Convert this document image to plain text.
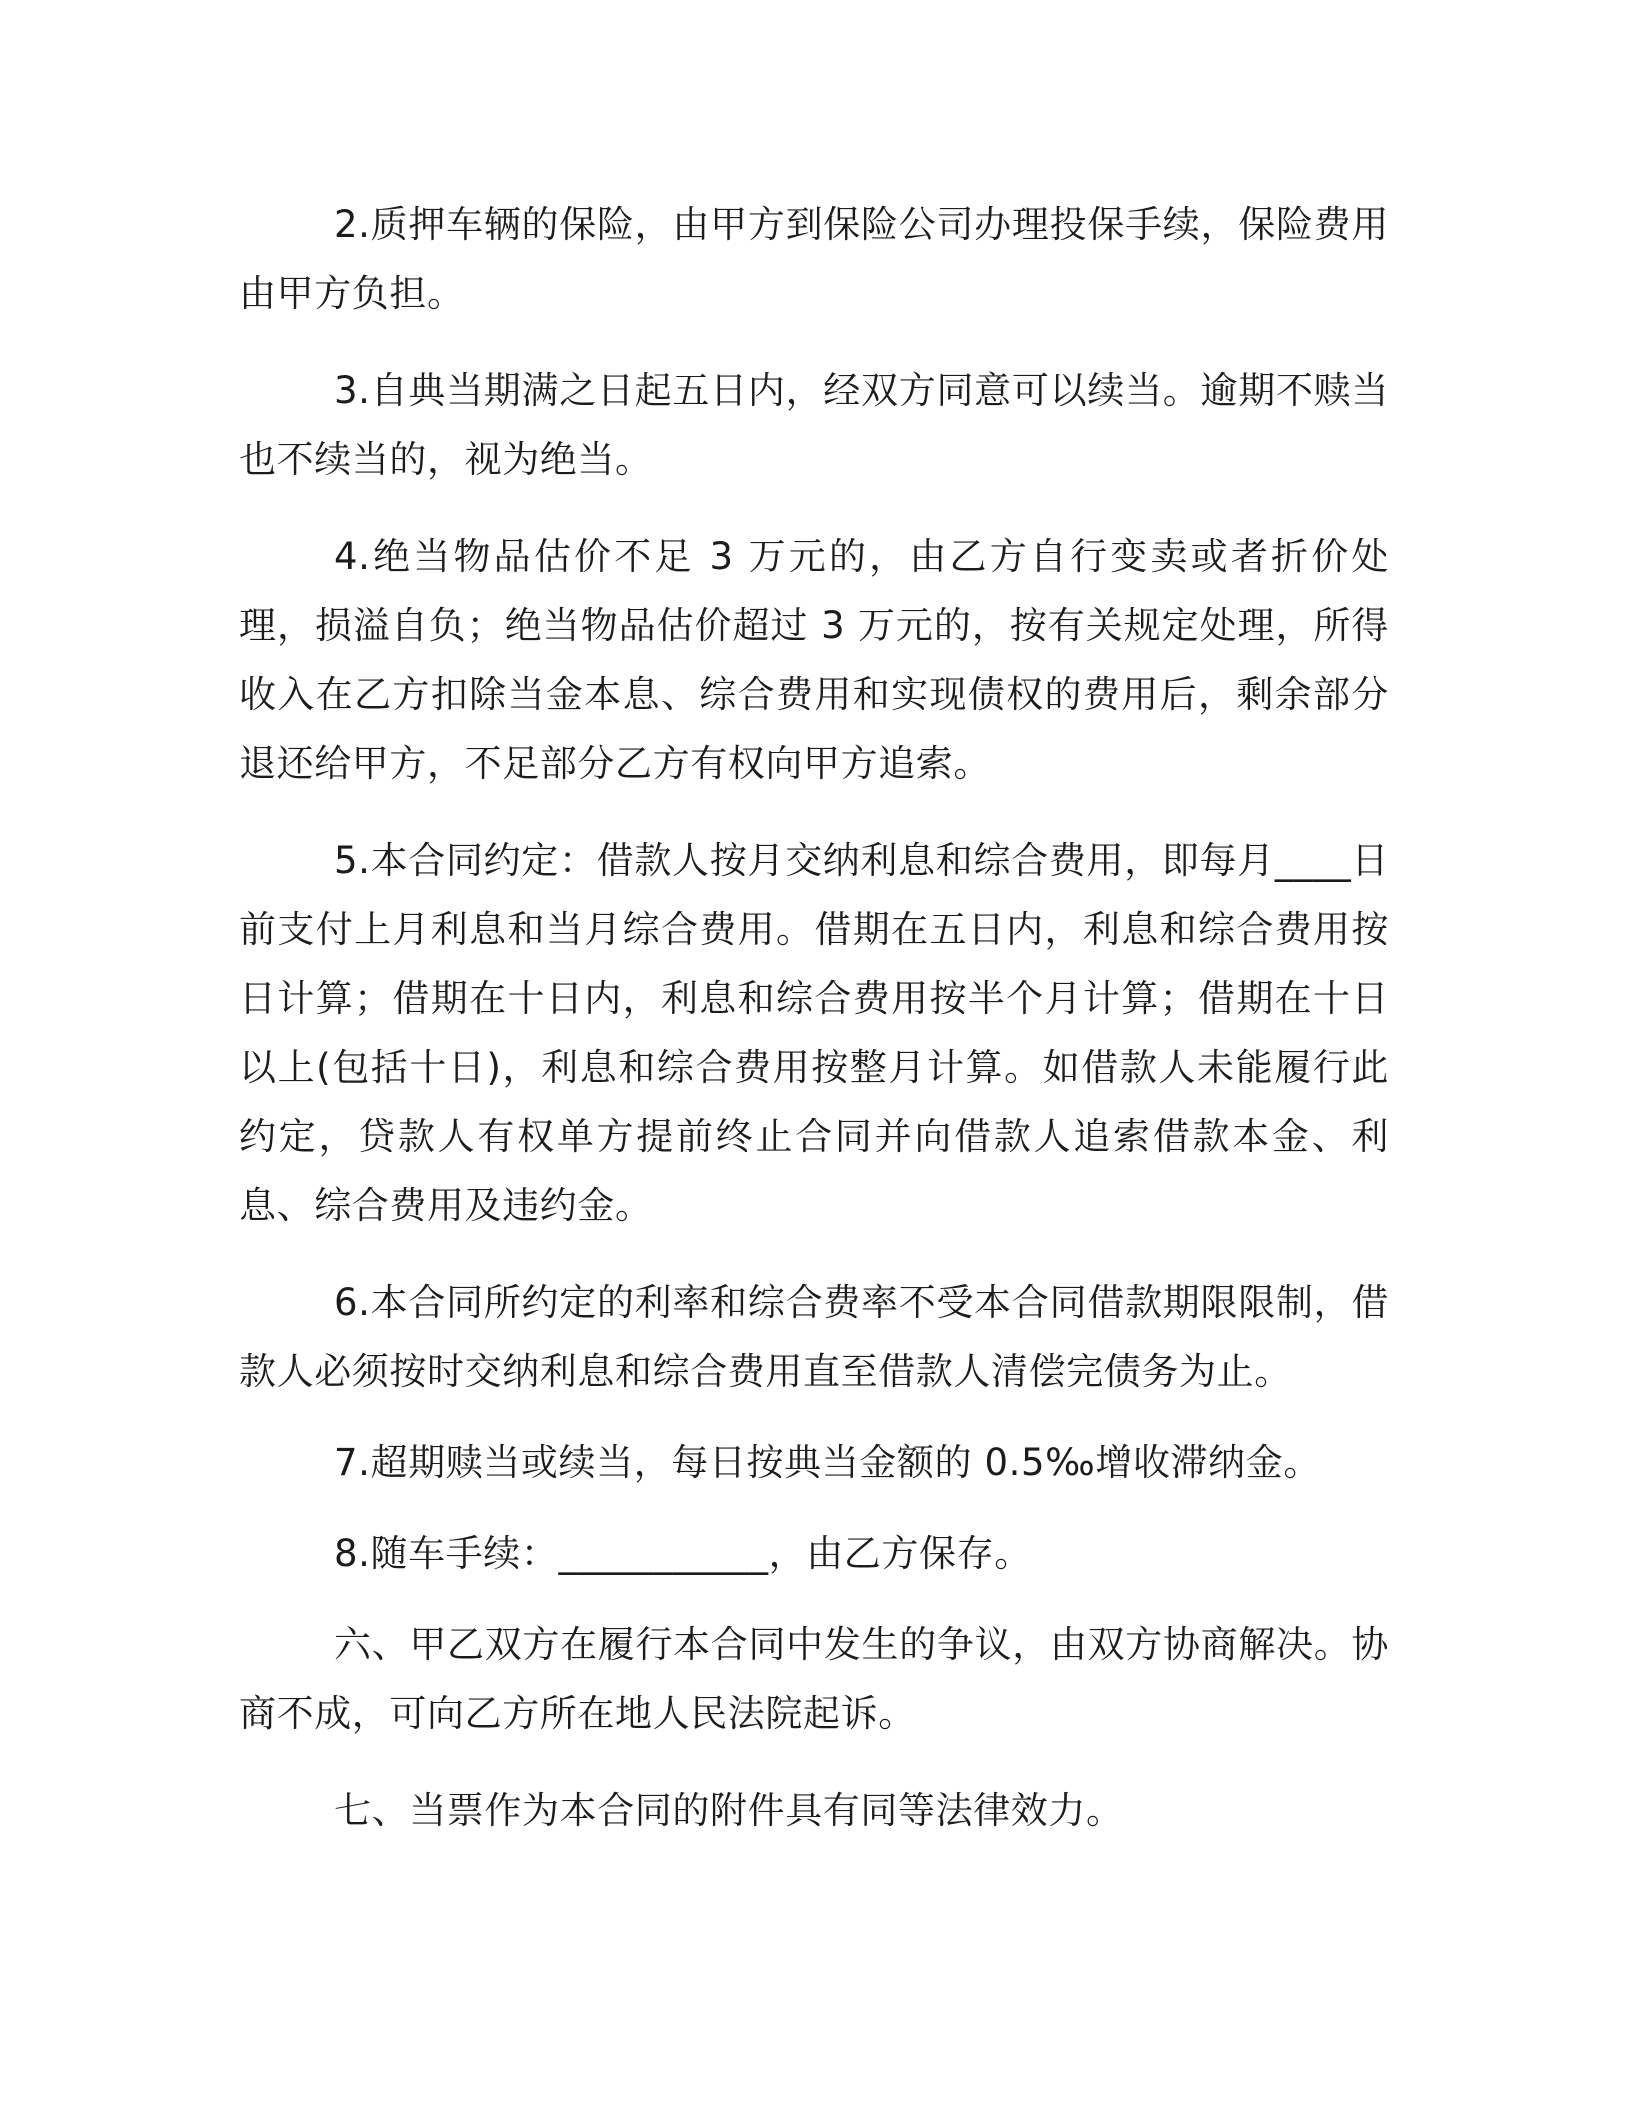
2.质押车辆的保险，由甲方到保险公司办理投保手续，保险费用由甲方负担。

3.自典当期满之日起五日内，经双方同意可以续当。逾期不赎当也不续当的，视为绝当。

4.绝当物品估价不足 3 万元的，由乙方自行变卖或者折价处理，损溢自负；绝当物品估价超过 3 万元的，按有关规定处理，所得收入在乙方扣除当金本息、综合费用和实现债权的费用后，剩余部分退还给甲方，不足部分乙方有权向甲方追索。

5.本合同约定：借款人按月交纳利息和综合费用，即每月____日前支付上月利息和当月综合费用。借期在五日内，利息和综合费用按日计算；借期在十日内，利息和综合费用按半个月计算；借期在十日以上(包括十日)，利息和综合费用按整月计算。如借款人未能履行此约定，贷款人有权单方提前终止合同并向借款人追索借款本金、利息、综合费用及违约金。

6.本合同所约定的利率和综合费率不受本合同借款期限限制，借款人必须按时交纳利息和综合费用直至借款人清偿完债务为止。

7.超期赎当或续当，每日按典当金额的 0.5‰增收滞纳金。

8.随车手续：___________，由乙方保存。

六、甲乙双方在履行本合同中发生的争议，由双方协商解决。协商不成，可向乙方所在地人民法院起诉。

七、当票作为本合同的附件具有同等法律效力。
